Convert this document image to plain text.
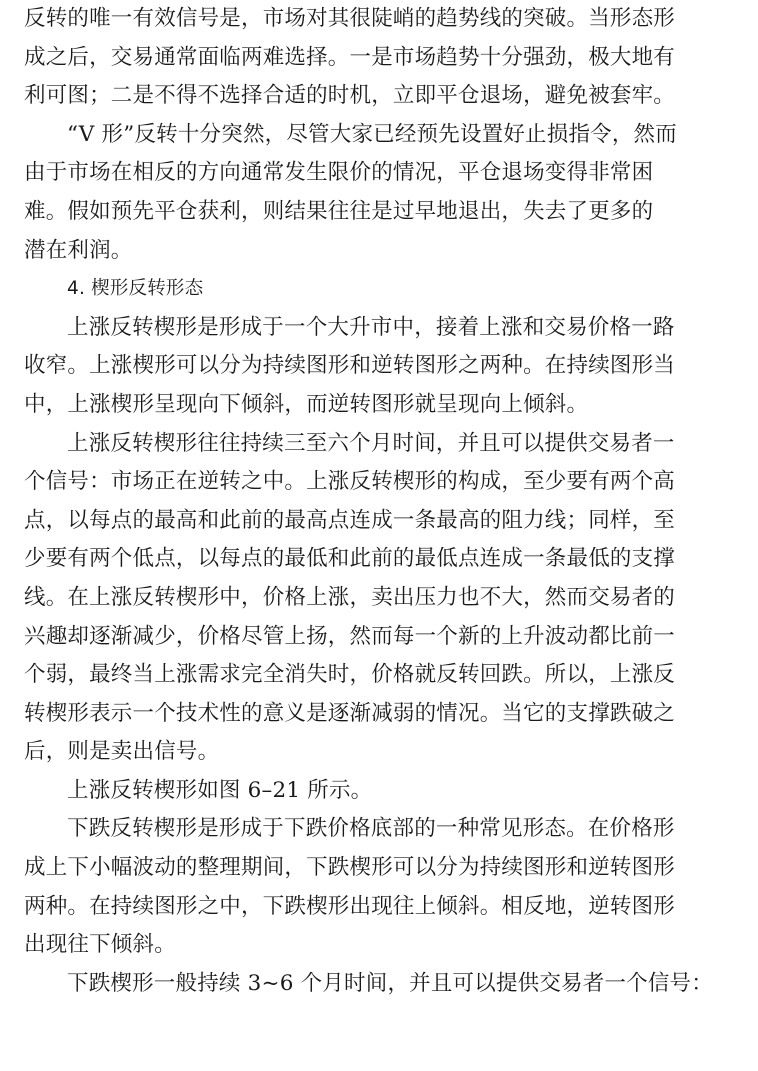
反转的唯一有效信号是，市场对其很陡峭的趋势线的突破。当形态形
成之后，交易通常面临两难选择。一是市场趋势十分强劲，极大地有
利可图；二是不得不选择合适的时机，立即平仓退场，避免被套牢。
“V 形”反转十分突然，尽管大家已经预先设置好止损指令，然而
由于市场在相反的方向通常发生限价的情况，平仓退场变得非常困
难。假如预先平仓获利，则结果往往是过早地退出，失去了更多的
潜在利润。
4. 楔形反转形态
上涨反转楔形是形成于一个大升市中，接着上涨和交易价格一路
收窄。上涨楔形可以分为持续图形和逆转图形之两种。在持续图形当
中，上涨楔形呈现向下倾斜，而逆转图形就呈现向上倾斜。
上涨反转楔形往往持续三至六个月时间，并且可以提供交易者一
个信号：市场正在逆转之中。上涨反转楔形的构成，至少要有两个高
点，以每点的最高和此前的最高点连成一条最高的阻力线；同样，至
少要有两个低点，以每点的最低和此前的最低点连成一条最低的支撑
线。在上涨反转楔形中，价格上涨，卖出压力也不大，然而交易者的
兴趣却逐渐减少，价格尽管上扬，然而每一个新的上升波动都比前一
个弱，最终当上涨需求完全消失时，价格就反转回跌。所以，上涨反
转楔形表示一个技术性的意义是逐渐减弱的情况。当它的支撑跌破之
后，则是卖出信号。
上涨反转楔形如图 6–21 所示。
下跌反转楔形是形成于下跌价格底部的一种常见形态。在价格形
成上下小幅波动的整理期间，下跌楔形可以分为持续图形和逆转图形
两种。在持续图形之中，下跌楔形出现往上倾斜。相反地，逆转图形
出现往下倾斜。
下跌楔形一般持续 3~6 个月时间，并且可以提供交易者一个信号：
